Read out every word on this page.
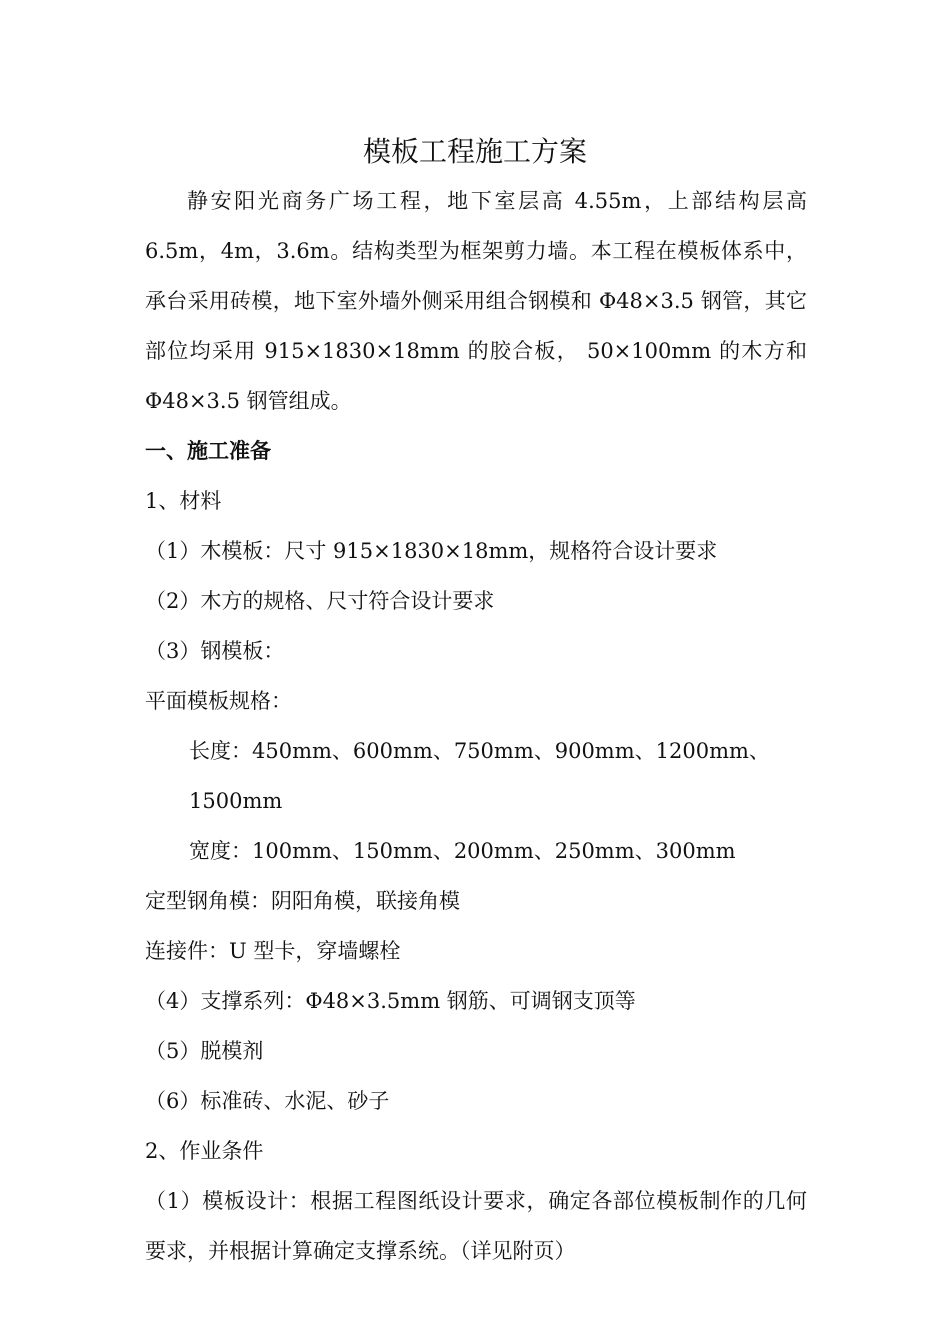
模板工程施工方案

静安阳光商务广场工程，地下室层高 4.55m，上部结构层高 6.5m，4m，3.6m。结构类型为框架剪力墙。本工程在模板体系中，承台采用砖模，地下室外墙外侧采用组合钢模和 Φ48×3.5 钢管，其它部位均采用 915×1830×18mm 的胶合板， 50×100mm 的木方和 Φ48×3.5 钢管组成。

一、施工准备

1、材料

（1）木模板：尺寸 915×1830×18mm，规格符合设计要求

（2）木方的规格、尺寸符合设计要求

（3）钢模板：

平面模板规格：

长度：450mm、600mm、750mm、900mm、1200mm、1500mm

宽度：100mm、150mm、200mm、250mm、300mm

定型钢角模：阴阳角模，联接角模

连接件：U 型卡，穿墙螺栓

（4）支撑系列：Φ48×3.5mm 钢筋、可调钢支顶等

（5）脱模剂

（6）标准砖、水泥、砂子

2、作业条件

（1）模板设计：根据工程图纸设计要求，确定各部位模板制作的几何要求，并根据计算确定支撑系统。（详见附页）
